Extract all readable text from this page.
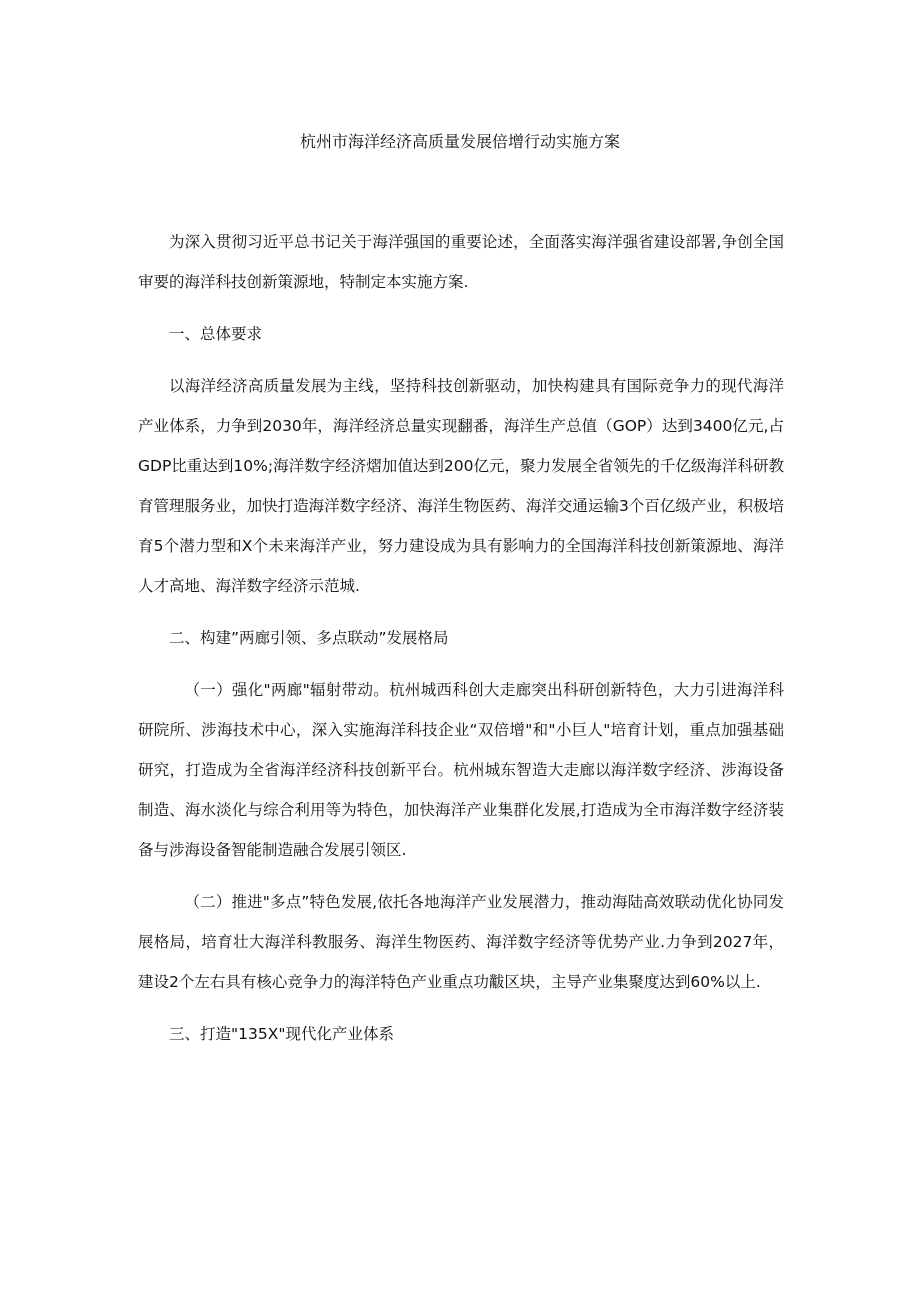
杭州市海洋经济高质量发展倍增行动实施方案

为深入贯彻习近平总书记关于海洋强国的重要论述，全面落实海洋强省建设部署,争创全国审要的海洋科技创新策源地，特制定本实施方案.

一、总体要求

以海洋经济高质量发展为主线，坚持科技创新驱动，加快构建具有国际竞争力的现代海洋产业体系，力争到2030年，海洋经济总量实现翻番，海洋生产总值（GOP）达到3400亿元,占GDP比重达到10%;海洋数字经济熠加值达到200亿元，聚力发展全省领先的千亿级海洋科研教育管理服务业，加快打造海洋数字经济、海洋生物医药、海洋交通运输3个百亿级产业，积极培育5个潜力型和X个未来海洋产业，努力建设成为具有影响力的全国海洋科技创新策源地、海洋人才高地、海洋数字经济示范城.

二、构建”两廊引领、多点联动”发展格局

（一）强化"两廊"辐射带动。杭州城西科创大走廊突出科研创新特色，大力引进海洋科研院所、涉海技术中心，深入实施海洋科技企业“双倍增"和"小巨人"培育计划，重点加强基础研究，打造成为全省海洋经济科技创新平台。杭州城东智造大走廊以海洋数字经济、涉海设备制造、海水淡化与综合利用等为特色，加快海洋产业集群化发展,打造成为全市海洋数字经济装备与涉海设备智能制造融合发展引领区.

（二）推进"多点”特色发展,依托各地海洋产业发展潜力，推动海陆高效联动优化协同发展格局，培育壮大海洋科教服务、海洋生物医药、海洋数字经济等优势产业.力争到2027年，建设2个左右具有核心竞争力的海洋特色产业重点功黻区块，主导产业集聚度达到60%以上.

三、打造"135X"现代化产业体系
